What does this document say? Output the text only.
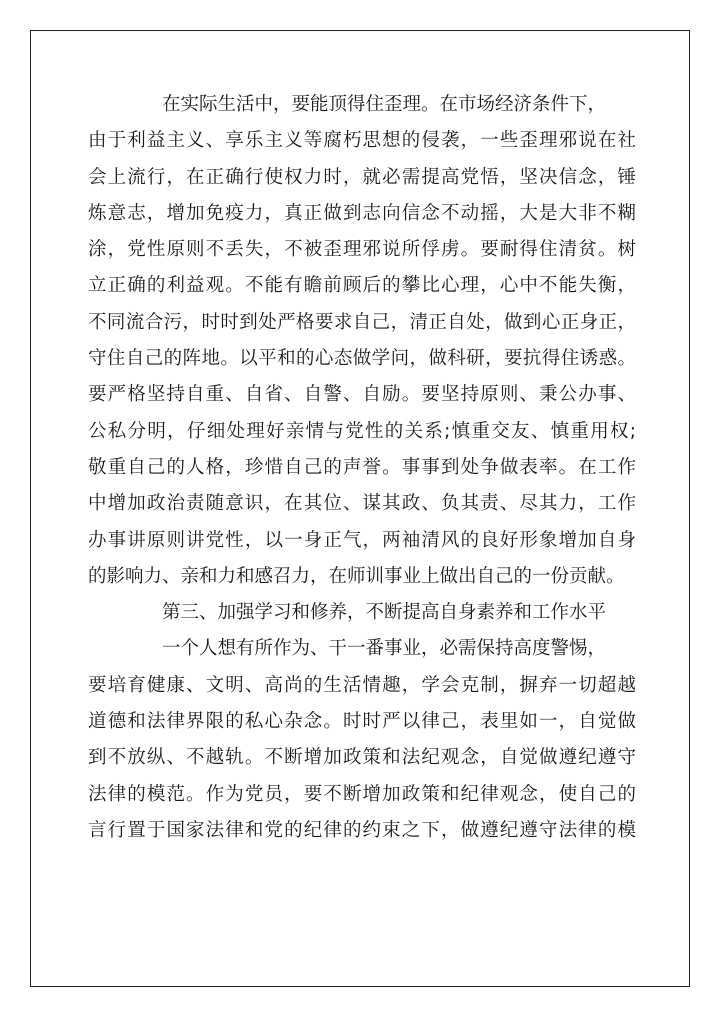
在实际生活中，要能顶得住歪理。在市场经济条件下，
由于利益主义、享乐主义等腐朽思想的侵袭，一些歪理邪说在社
会上流行，在正确行使权力时，就必需提高党悟，坚决信念，锤
炼意志，增加免疫力，真正做到志向信念不动摇，大是大非不糊
涂，党性原则不丢失，不被歪理邪说所俘虏。要耐得住清贫。树
立正确的利益观。不能有瞻前顾后的攀比心理，心中不能失衡，
不同流合污，时时到处严格要求自己，清正自处，做到心正身正，
守住自己的阵地。以平和的心态做学问，做科研，要抗得住诱惑。
要严格坚持自重、自省、自警、自励。要坚持原则、秉公办事、
公私分明，仔细处理好亲情与党性的关系;慎重交友、慎重用权;
敬重自己的人格，珍惜自己的声誉。事事到处争做表率。在工作
中增加政治责随意识，在其位、谋其政、负其责、尽其力，工作
办事讲原则讲党性，以一身正气，两袖清风的良好形象增加自身
的影响力、亲和力和感召力，在师训事业上做出自己的一份贡献。
第三、加强学习和修养，不断提高自身素养和工作水平
一个人想有所作为、干一番事业，必需保持高度警惕，
要培育健康、文明、高尚的生活情趣，学会克制，摒弃一切超越
道德和法律界限的私心杂念。时时严以律己，表里如一，自觉做
到不放纵、不越轨。不断增加政策和法纪观念，自觉做遵纪遵守
法律的模范。作为党员，要不断增加政策和纪律观念，使自己的
言行置于国家法律和党的纪律的约束之下，做遵纪遵守法律的模
